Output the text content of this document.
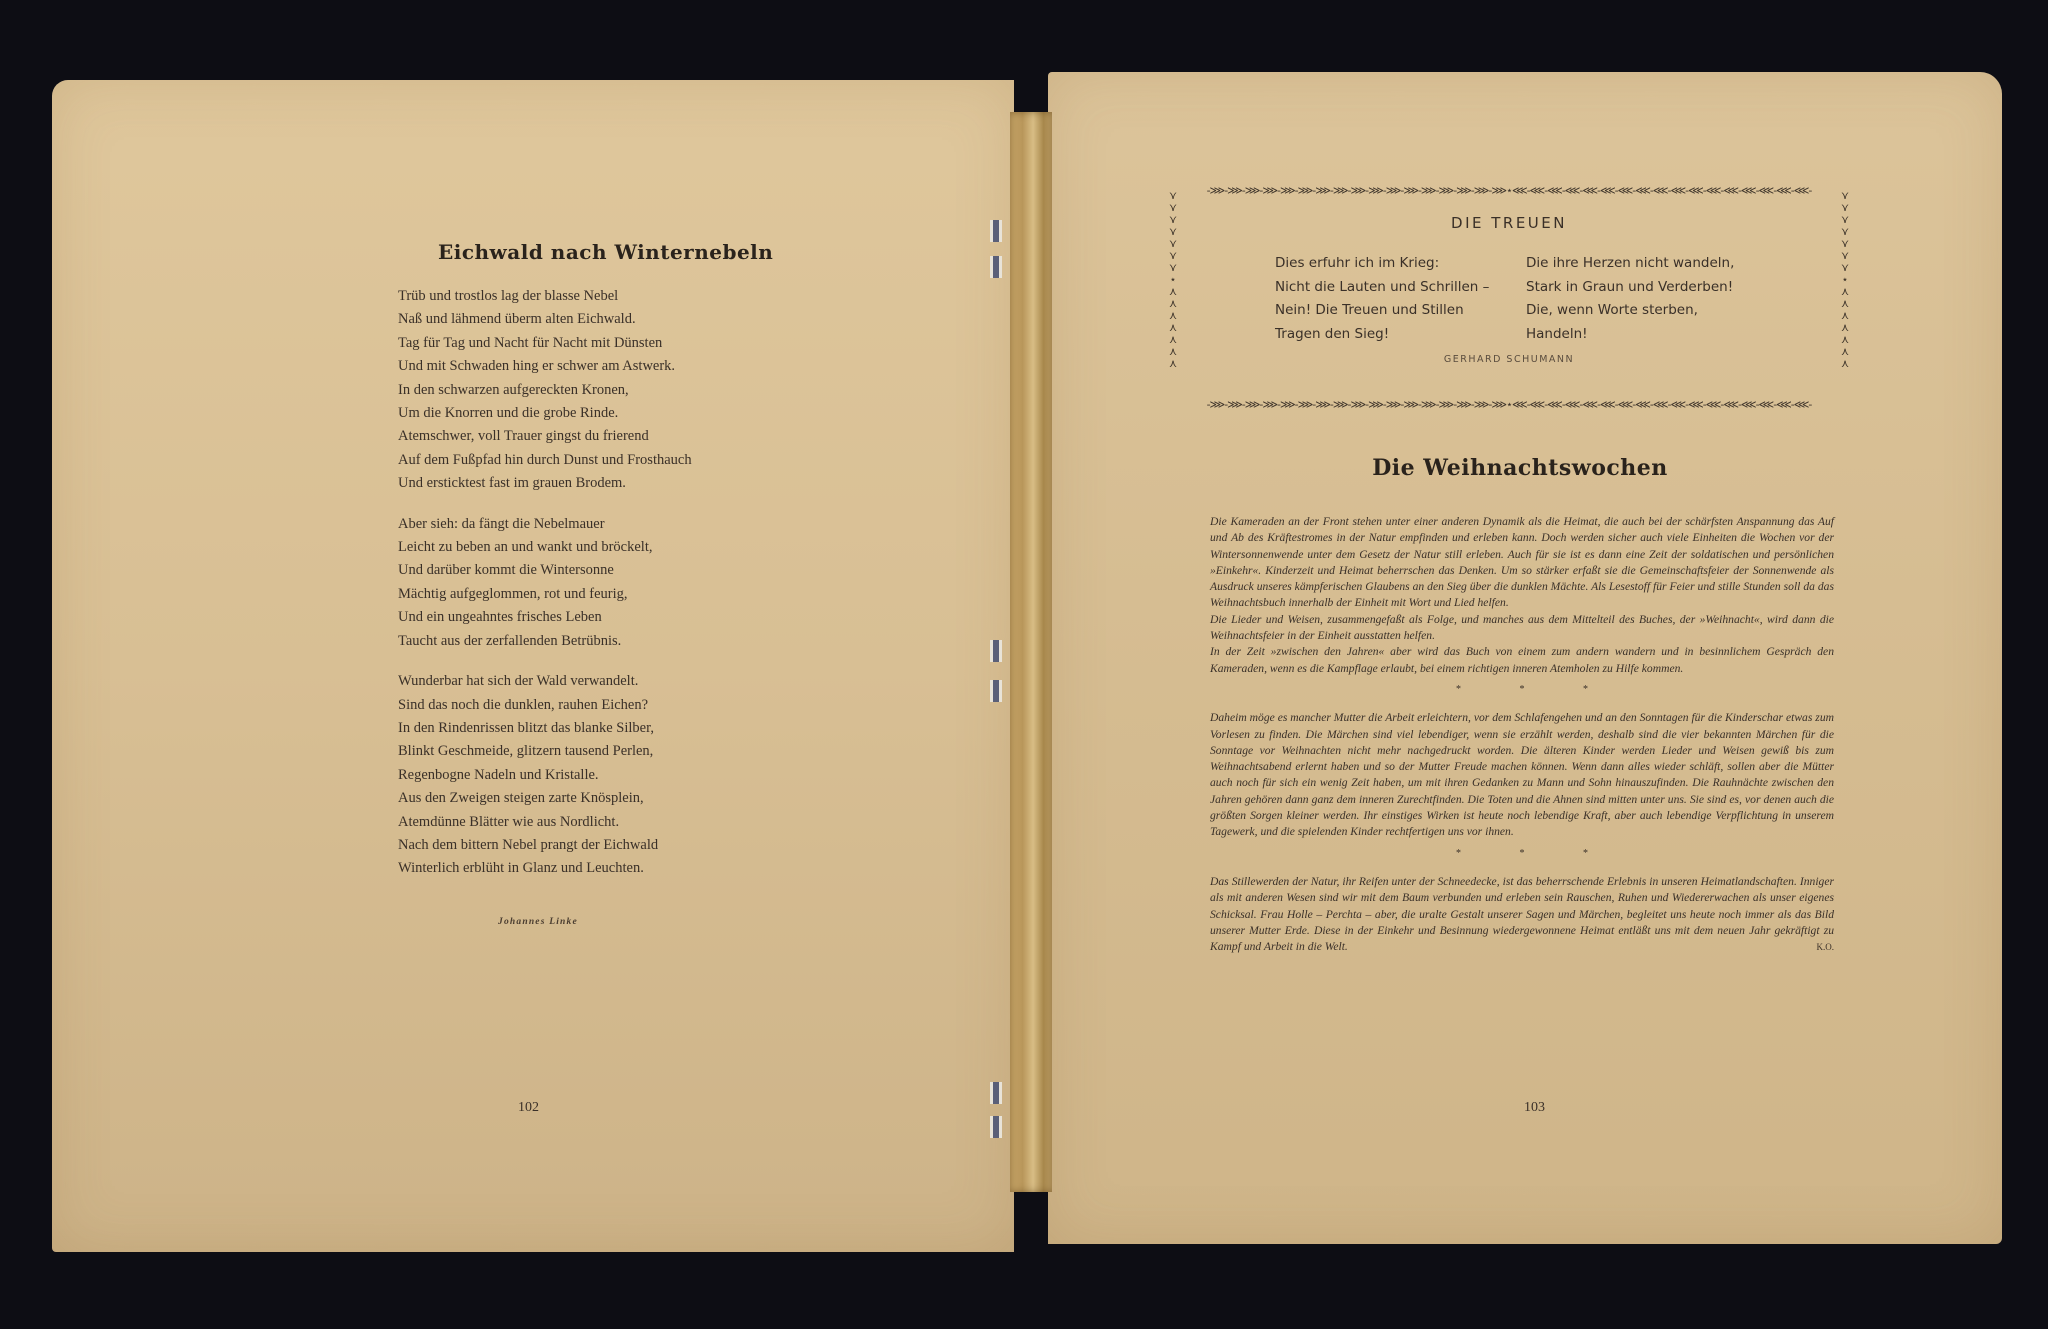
Eichwald nach Winternebeln
Trüb und trostlos lag der blasse Nebel
Naß und lähmend überm alten Eichwald.
Tag für Tag und Nacht für Nacht mit Dünsten
Und mit Schwaden hing er schwer am Astwerk.
In den schwarzen aufgereckten Kronen,
Um die Knorren und die grobe Rinde.
Atemschwer, voll Trauer gingst du frierend
Auf dem Fußpfad hin durch Dunst und Frosthauch
Und ersticktest fast im grauen Brodem.
Aber sieh: da fängt die Nebelmauer
Leicht zu beben an und wankt und bröckelt,
Und darüber kommt die Wintersonne
Mächtig aufgeglommen, rot und feurig,
Und ein ungeahntes frisches Leben
Taucht aus der zerfallenden Betrübnis.
Wunderbar hat sich der Wald verwandelt.
Sind das noch die dunklen, rauhen Eichen?
In den Rindenrissen blitzt das blanke Silber,
Blinkt Geschmeide, glitzern tausend Perlen,
Regenbogne Nadeln und Kristalle.
Aus den Zweigen steigen zarte Knösplein,
Atemdünne Blätter wie aus Nordlicht.
Nach dem bittern Nebel prangt der Eichwald
Winterlich erblüht in Glanz und Leuchten.
Johannes Linke
102
-⋙-⋙-⋙-⋙-⋙-⋙-⋙-⋙-⋙-⋙-⋙-⋙-⋙-⋙-⋙-⋙-⋙⋆⋘-⋘-⋘-⋘-⋘-⋘-⋘-⋘-⋘-⋘-⋘-⋘-⋘-⋘-⋘-⋘-⋘-
-⋙-⋙-⋙-⋙-⋙-⋙-⋙-⋙-⋙-⋙-⋙-⋙-⋙-⋙-⋙-⋙-⋙⋆⋘-⋘-⋘-⋘-⋘-⋘-⋘-⋘-⋘-⋘-⋘-⋘-⋘-⋘-⋘-⋘-⋘-
⋎⋎⋎⋎⋎⋎⋎⋆⋏⋏⋏⋏⋏⋏⋏
⋎⋎⋎⋎⋎⋎⋎⋆⋏⋏⋏⋏⋏⋏⋏
DIE TREUEN
Dies erfuhr ich im Krieg:
Nicht die Lauten und Schrillen –
Nein! Die Treuen und Stillen
Tragen den Sieg!
Die ihre Herzen nicht wandeln,
Stark in Graun und Verderben!
Die, wenn Worte sterben,
Handeln!
GERHARD SCHUMANN
Die Weihnachtswochen

Die Kameraden an der Front stehen unter einer anderen Dynamik als die Heimat, die auch bei der schärfsten Anspannung das Auf und Ab des Kräftestromes in der Natur empfinden und erleben kann. Doch werden sicher auch viele Einheiten die Wochen vor der Wintersonnenwende unter dem Gesetz der Natur still erleben. Auch für sie ist es dann eine Zeit der soldatischen und persönlichen »Einkehr«. Kinderzeit und Heimat beherrschen das Denken. Um so stärker erfaßt sie die Gemeinschaftsfeier der Sonnenwende als Ausdruck unseres kämpferischen Glaubens an den Sieg über die dunklen Mächte. Als Lesestoff für Feier und stille Stunden soll da das Weihnachtsbuch innerhalb der Einheit mit Wort und Lied helfen.

Die Lieder und Weisen, zusammengefaßt als Folge, und manches aus dem Mittelteil des Buches, der »Weihnacht«, wird dann die Weihnachtsfeier in der Einheit ausstatten helfen.

In der Zeit »zwischen den Jahren« aber wird das Buch von einem zum andern wandern und in besinnlichem Gespräch den Kameraden, wenn es die Kampflage erlaubt, bei einem richtigen inneren Atemholen zu Hilfe kommen.

* * *

Daheim möge es mancher Mutter die Arbeit erleichtern, vor dem Schlafengehen und an den Sonntagen für die Kinderschar etwas zum Vorlesen zu finden. Die Märchen sind viel lebendiger, wenn sie erzählt werden, deshalb sind die vier bekannten Märchen für die Sonntage vor Weihnachten nicht mehr nachgedruckt worden. Die älteren Kinder werden Lieder und Weisen gewiß bis zum Weihnachtsabend erlernt haben und so der Mutter Freude machen können. Wenn dann alles wieder schläft, sollen aber die Mütter auch noch für sich ein wenig Zeit haben, um mit ihren Gedanken zu Mann und Sohn hinauszufinden. Die Rauhnächte zwischen den Jahren gehören dann ganz dem inneren Zurechtfinden. Die Toten und die Ahnen sind mitten unter uns. Sie sind es, vor denen auch die größten Sorgen kleiner werden. Ihr einstiges Wirken ist heute noch lebendige Kraft, aber auch lebendige Verpflichtung in unserem Tagewerk, und die spielenden Kinder rechtfertigen uns vor ihnen.

* * *

Das Stillewerden der Natur, ihr Reifen unter der Schneedecke, ist das beherrschende Erlebnis in unseren Heimatlandschaften. Inniger als mit anderen Wesen sind wir mit dem Baum verbunden und erleben sein Rauschen, Ruhen und Wiedererwachen als unser eigenes Schicksal. Frau Holle – Perchta – aber, die uralte Gestalt unserer Sagen und Märchen, begleitet uns heute noch immer als das Bild unserer Mutter Erde. Diese in der Einkehr und Besinnung wiedergewonnene Heimat entläßt uns mit dem neuen Jahr gekräftigt zu Kampf und Arbeit in die Welt.	K.O.

103
